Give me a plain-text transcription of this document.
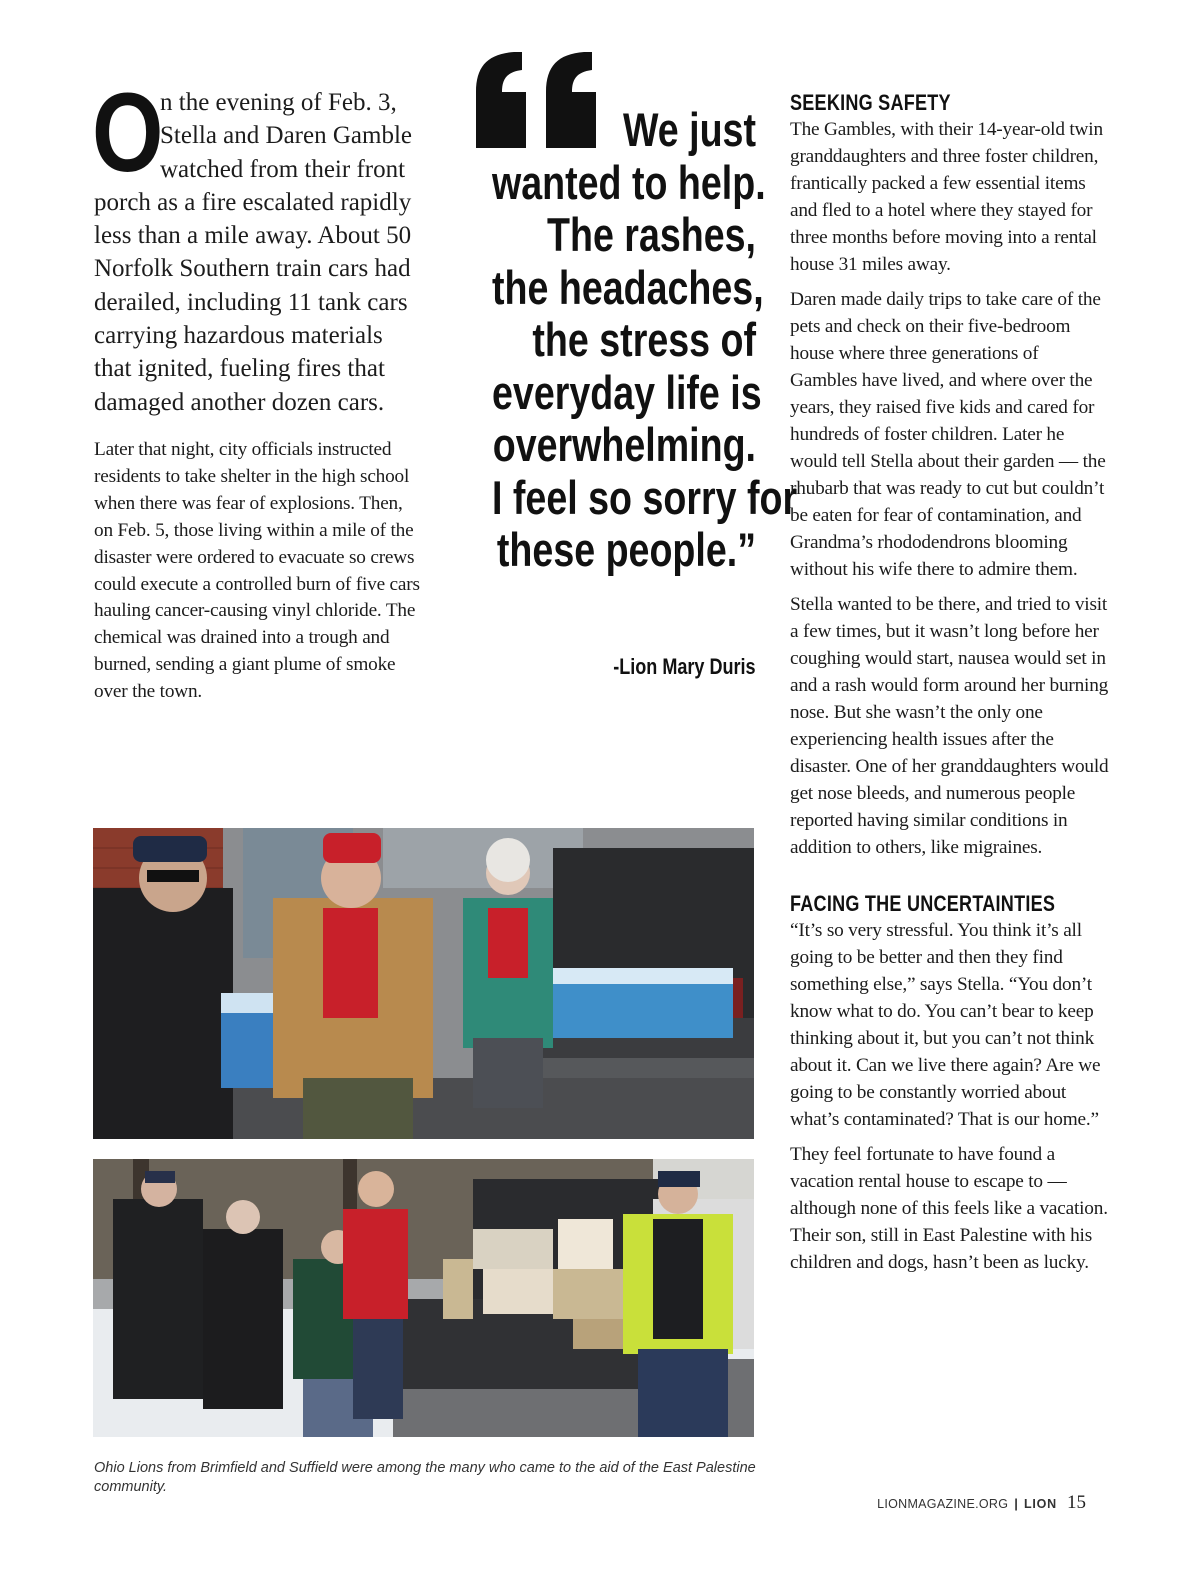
O
n the evening of Feb. 3, Stella and Daren Gamble watched from their front porch as a fire escalated rapidly less than a mile away. About 50 Norfolk Southern train cars had derailed, including 11 tank cars carrying hazardous materials that ignited, fueling fires that damaged another dozen cars.

Later that night, city officials instructed residents to take shelter in the high school when there was fear of explosions. Then, on Feb. 5, those living within a mile of the disaster were ordered to evacuate so crews could execute a controlled burn of five cars hauling cancer-causing vinyl chloride. The chemical was drained into a trough and burned, sending a giant plume of smoke over the town.

We just
wanted to help.
The rashes,
the headaches,
the stress of
everyday life is
overwhelming.
I feel so sorry for
these people.”
-Lion Mary Duris
SEEKING SAFETY

The Gambles, with their 14-year-old twin granddaughters and three foster children, frantically packed a few essential items and fled to a hotel where they stayed for three months before moving into a rental house 31 miles away.

Daren made daily trips to take care of the pets and check on their five-bedroom house where three generations of Gambles have lived, and where over the years, they raised five kids and cared for hundreds of foster children. Later he would tell Stella about their garden — the rhubarb that was ready to cut but couldn’t be eaten for fear of contamination, and Grandma’s rhododendrons blooming without his wife there to admire them.

Stella wanted to be there, and tried to visit a few times, but it wasn’t long before her coughing would start, nausea would set in and a rash would form around her burning nose. But she wasn’t the only one experiencing health issues after the disaster. One of her granddaughters would get nose bleeds, and numerous people reported having similar conditions in addition to others, like migraines.

FACING THE UNCERTAINTIES

“It’s so very stressful. You think it’s all going to be better and then they find something else,” says Stella. “You don’t know what to do. You can’t bear to keep thinking about it, but you can’t not think about it. Can we live there again? Are we going to be constantly worried about what’s contaminated? That is our home.”

They feel fortunate to have found a vacation rental house to escape to — although none of this feels like a vacation. Their son, still in East Palestine with his children and dogs, hasn’t been as lucky.

Ohio Lions from Brimfield and Suffield were among the many who came to the aid of the East Palestine community.

LIONMAGAZINE.ORG | LION 15
